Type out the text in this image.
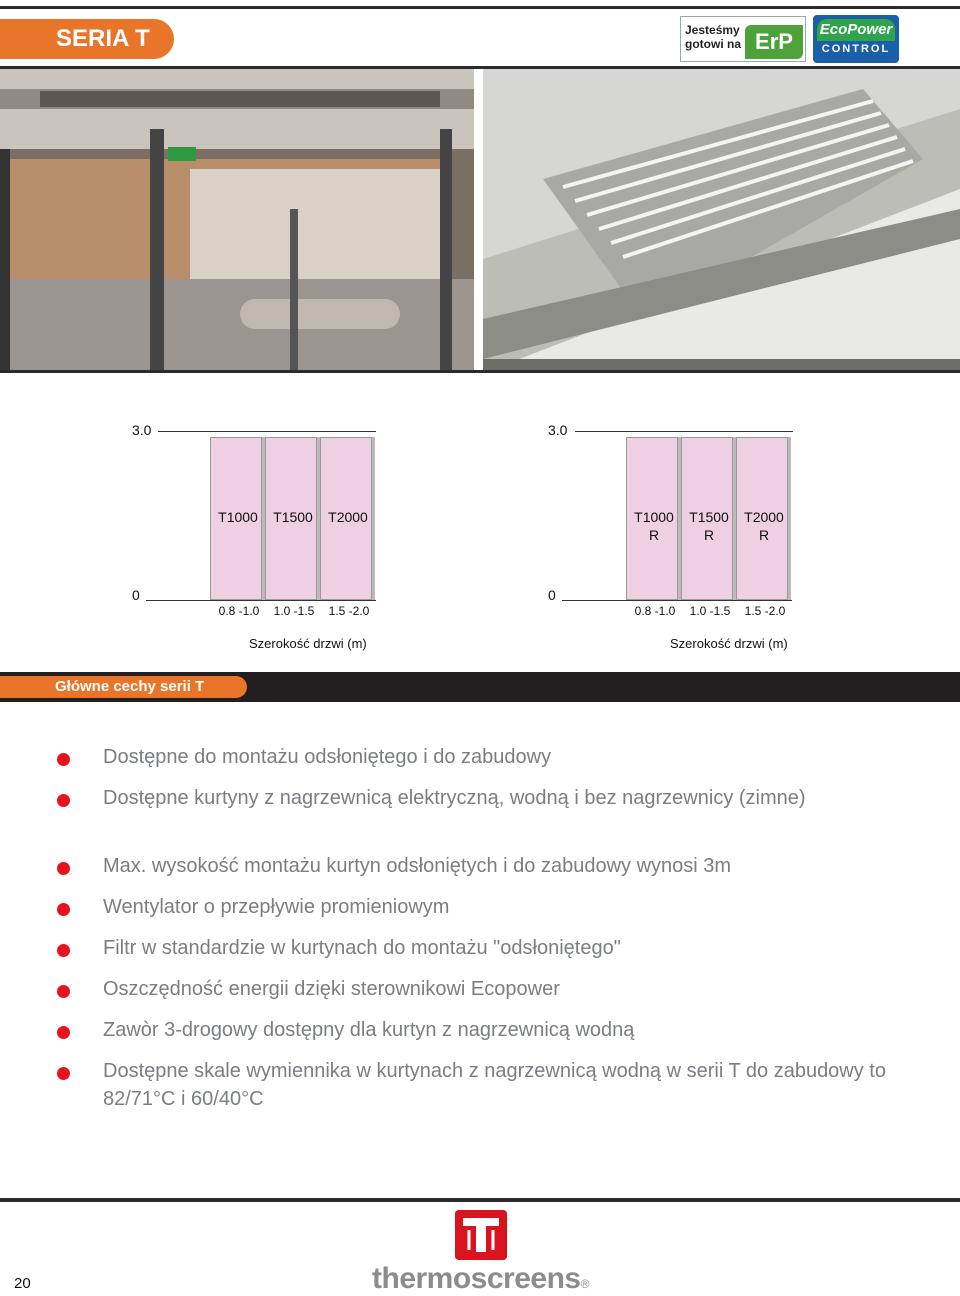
SERIA T	Jesteśmy gotowi na ErP	EcoPower
CONTROL
3.0
0
T1000	T1500	T2000
0.8 -1.0	1.0 -1.5	1.5 -2.0
Szerokość drzwi (m)
3.0
0
T1000	T1500	T2000
R	R	R
0.8 -1.0	1.0 -1.5	1.5 -2.0
Szerokość drzwi (m)
Główne cechy serii T
Dostępne do montażu odsłoniętego i do zabudowy
Dostępne kurtyny z nagrzewnicą elektryczną, wodną i bez nagrzewnicy (zimne)
Max. wysokość montażu kurtyn odsłoniętych i do zabudowy wynosi 3m
Wentylator o przepływie promieniowym
Filtr w standardzie w kurtynach do montażu "odsłoniętego"
Oszczędność energii dzięki sterownikowi Ecopower
Zawòr 3-drogowy dostępny dla kurtyn z nagrzewnicą wodną
Dostępne skale wymiennika w kurtynach z nagrzewnicą wodną w serii T do zabudowy to 82/71°C i 60/40°C
20	thermoscreens®
